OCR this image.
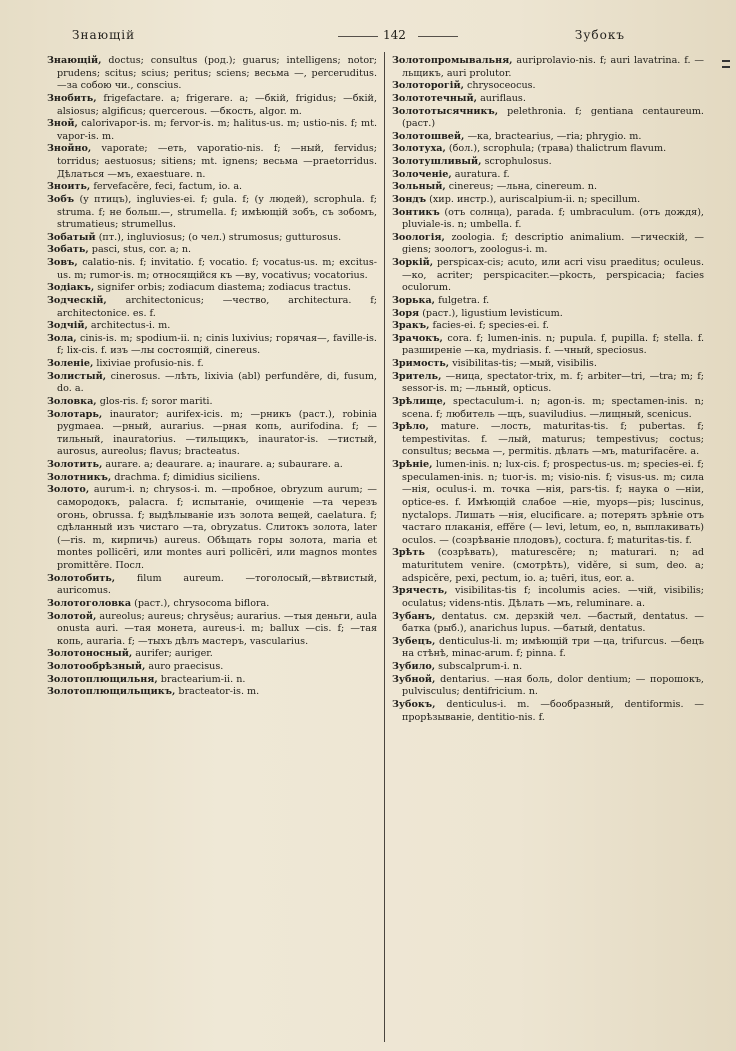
Знающій	142	Зубокъ

Знающій, doctus; consultus (род.); guarus; intelligens; notor; prudens; scitus; scius; peritus; sciens; весьма —, perceruditus. —за собою чи., conscius.

Знобить, frigefactare. a; frigerare. a; —бкій, frigidus; —бкій, alsiosus; algificus; quercerous. —бкость, algor. m.

Зной, calorivapor-is. m; fervor-is. m; halitus-us. m; ustio-nis. f; mt. vapor-is. m.

Знойно, vaporate; —еть, vaporatio-nis. f; —ный, fervidus; torridus; aestuosus; sitiens; mt. ignens; весьма —praetorridus. Дѣлаться —мъ, exaestuare. n.

Зноить, fervefacĕre, feci, factum, io. a.

Зобъ (у птицъ), ingluvies-ei. f; gula. f; (у людей), scrophula. f; struma. f; не больш.—, strumella. f; имѣющій зобъ, съ зобомъ, strumatieus; strumellus.

Зобатый (пт.), ingluviosus; (о чел.) strumosus; gutturosus.

Зобать, pasci, stus, cor. a; n.

Зовъ, calatio-nis. f; invitatio. f; vocatio. f; vocatus-us. m; excitus-us. m; rumor-is. m; относящійся къ —ву, vocativus; vocatorius.

Зодіакъ, signifer orbis; zodiacum diastema; zodiacus tractus.

Зодческій, architectonicus; —чество, architectura. f; architectonice. es. f.

Зодчій, architectus-i. m.

Зола, cinis-is. m; spodium-ii. n; cinis luxivius; горячая—, faville-is. f; lix-cis. f. изъ —лы состоящій, cinereus.

Золеніе, lixiviae profusio-nis. f.

Золистый, cinerosus. —лѣть, lixivia (abl) perfundĕre, di, fusum, do. a.

Золовка, glos-ris. f; soror mariti.

Золотарь, inaurator; aurifex-icis. m; —рникъ (раст.), robinia pygmaea. —рный, aurarius. —рная копь, aurifodina. f; —тильный, inauratorius. —тильщикъ, inaurator-is. —тистый, aurosus, aureolus; flavus; bracteatus.

Золотить, aurare. a; deaurare. a; inaurare. a; subaurare. a.

Золотникъ, drachma. f; dimidius siciliens.

Золото, aurum-i. n; chrysos-i. m. —пробное, obryzum aurum; —самородокъ, palacra. f; испытаніе, очищеніе —та черезъ огонь, obrussa. f; выдѣлываніе изъ золота вещей, caelatura. f; сдѣланный изъ чистаго —та, obryzatus. Слитокъ золота, later (—ris. m, кирпичь) aureus. Обѣщать горы золота, maria et montes pollicēri, или montes auri pollicēri, или magnos montes promittĕre. Посл.

Золотобить, filum aureum. —тоголосый,—вѣтвистый, auricomus.

Золотоголовка (раст.), chrysocoma biflora.

Золотой, aureolus; aureus; chrysĕus; aurarius. —тыя деньги, aula onusta auri. —тая монета, aureus-i. m; ballux —cis. f; —тая копь, auraria. f; —тыхъ дѣлъ мастеръ, vascularius.

Золотоносный, aurifer; auriger.

Золотообрѣзный, auro praecisus.

Золотоплющильня, bractearium-ii. n.

Золотоплющильщикъ, bracteator-is. m.

Золотопромывальня, auriprolavio-nis. f; auri lavatrina. f. —льщикъ, auri prolutor.

Золоторогій, chrysoceocus.

Золототечный, auriflaus.

Золототысячникъ, pelethronia. f; gentiana centaureum. (раст.)

Золотошвей, —ка, bractearius, —ria; phrygio. m.

Золотуха, (бол.), scrophula; (трава) thalictrum flavum.

Золотушливый, scrophulosus.

Золоченіе, auratura. f.

Зольный, cinereus; —льна, cinereum. n.

Зондъ (хир. инстр.), auriscalpium-ii. n; specillum.

Зонтикъ (отъ солнца), parada. f; umbraculum. (отъ дождя), pluviale-is. n; umbella. f.

Зоологія, zoologia. f; descriptio animalium. —гическій, — giens; зоологъ, zoologus-i. m.

Зоркій, perspicax-cis; acuto, или acri visu praeditus; oculeus. —ко, acriter; perspicaciter.—рkость, perspicacia; facies oculorum.

Зорька, fulgetra. f.

Зоря (раст.), ligustium levisticum.

Зракъ, facies-ei. f; species-ei. f.

Зрачокъ, cora. f; lumen-inis. n; pupula. f, pupilla. f; stella. f. разширеніе —ка, mydriasis. f. —чный, speciosus.

Зримость, visibilitas-tis; —мый, visibilis.

Зритель, —ница, spectator-trix, m. f; arbiter—tri, —tra; m; f; sessor-is. m; —льный, opticus.

Зрѣлище, spectaculum-i. n; agon-is. m; spectamen-inis. n; scena. f; любитель —щъ, suaviludius. —лищный, scenicus.

Зрѣло, mature. —лость, maturitas-tis. f; pubertas. f; tempestivitas. f. —лый, maturus; tempestivus; coctus; consultus; весьма —, permitis. дѣлать —мъ, maturifacĕre. a.

Зрѣніе, lumen-inis. n; lux-cis. f; prospectus-us. m; species-ei. f; speculamen-inis. n; tuor-is. m; visio-nis. f; visus-us. m; сила —нія, oculus-i. m. точка —нія, pars-tis. f; наука о —ніи, optice-es. f. Имѣющій слабое —ніе, myops—pis; luscinus, nyctalops. Лишать —нія, elucificare. a; потерять зрѣніе отъ частаго плаканія, effĕre (— levi, letum, eo, n, выплакивать) oculos. — (созрѣваніе плодовъ), coctura. f; maturitas-tis. f.

Зрѣть (созрѣвать), maturescĕre; n; maturari. n; ad maturitutem venire. (смотрѣть), vidĕre, si sum, deo. a; adspicĕre, pexi, pectum, io. a; tuēri, itus, eor. a.

Зрячесть, visibilitas-tis f; incolumis acies. —чій, visibilis; oculatus; videns-ntis. Дѣлать —мъ, reluminare. a.

Зубанъ, dentatus. см. дерзкій чел. —бастый, dentatus. —батка (рыб.), anarichus lupus. —батый, dentatus.

Зубецъ, denticulus-li. m; имѣющій три —ца, trifurcus. —бецъ на стѣнѣ, minac-arum. f; pinna. f.

Зубило, subscalprum-i. n.

Зубной, dentarius. —ная боль, dolor dentium; — порошокъ, pulvisculus; dentifricium. n.

Зубокъ, denticulus-i. m. —бообразный, dentiformis. —прорѣзываніе, dentitio-nis. f.
